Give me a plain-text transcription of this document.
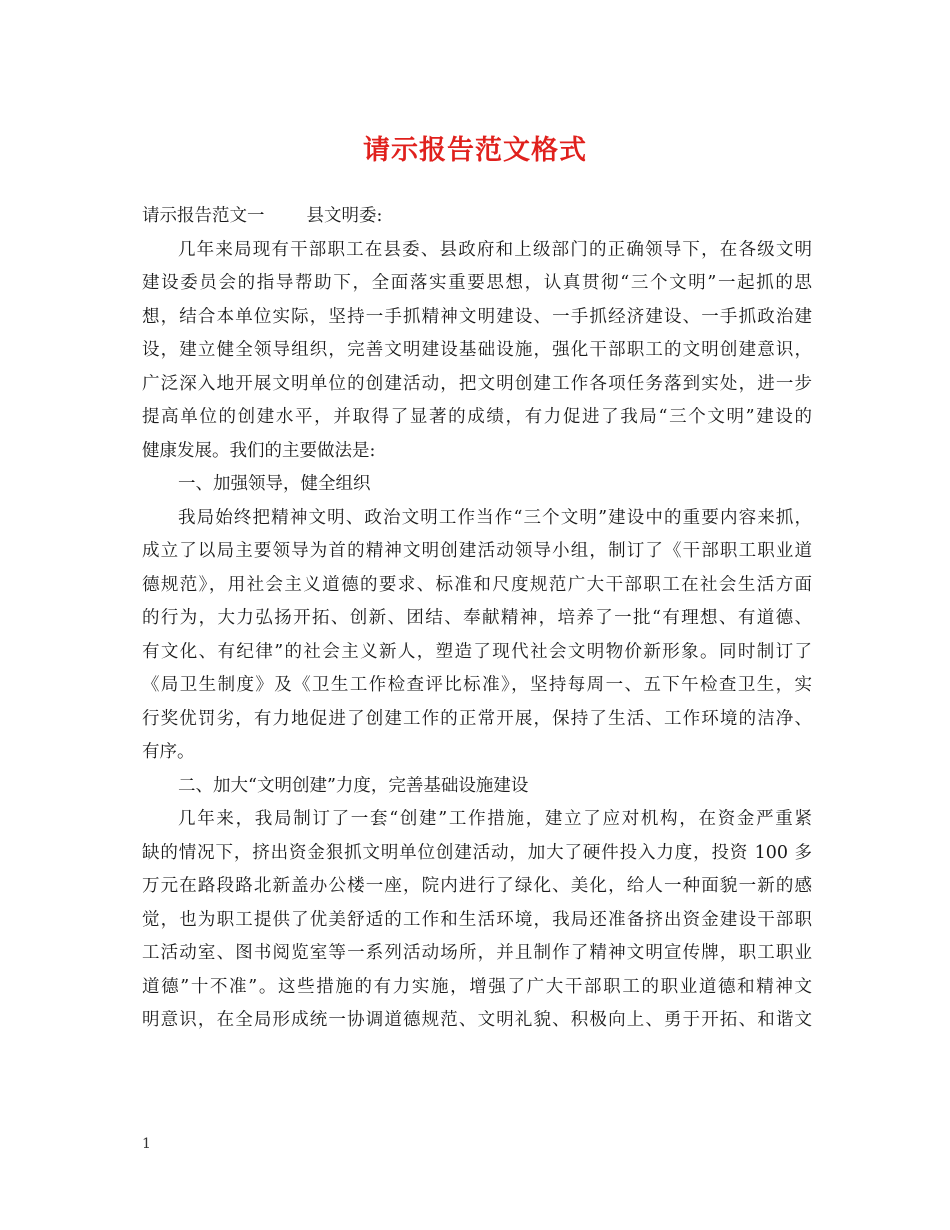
请示报告范文格式
请示报告范文一 县文明委:
几年来局现有干部职工在县委、县政府和上级部门的正确领导下，在各级文明
建设委员会的指导帮助下，全面落实重要思想，认真贯彻“三个文明”一起抓的思
想，结合本单位实际，坚持一手抓精神文明建设、一手抓经济建设、一手抓政治建
设，建立健全领导组织，完善文明建设基础设施，强化干部职工的文明创建意识，
广泛深入地开展文明单位的创建活动，把文明创建工作各项任务落到实处，进一步
提高单位的创建水平，并取得了显著的成绩，有力促进了我局“三个文明”建设的
健康发展。我们的主要做法是:
一、加强领导，健全组织
我局始终把精神文明、政治文明工作当作“三个文明”建设中的重要内容来抓，
成立了以局主要领导为首的精神文明创建活动领导小组，制订了《干部职工职业道
德规范》，用社会主义道德的要求、标准和尺度规范广大干部职工在社会生活方面
的行为，大力弘扬开拓、创新、团结、奉献精神，培养了一批“有理想、有道德、
有文化、有纪律”的社会主义新人，塑造了现代社会文明物价新形象。同时制订了
《局卫生制度》及《卫生工作检查评比标准》，坚持每周一、五下午检查卫生，实
行奖优罚劣，有力地促进了创建工作的正常开展，保持了生活、工作环境的洁净、
有序。
二、加大“文明创建”力度，完善基础设施建设
几年来，我局制订了一套“创建”工作措施，建立了应对机构，在资金严重紧
缺的情况下，挤出资金狠抓文明单位创建活动，加大了硬件投入力度，投资 100 多
万元在路段路北新盖办公楼一座，院内进行了绿化、美化，给人一种面貌一新的感
觉，也为职工提供了优美舒适的工作和生活环境，我局还准备挤出资金建设干部职
工活动室、图书阅览室等一系列活动场所，并且制作了精神文明宣传牌，职工职业
道德”十不准”。这些措施的有力实施，增强了广大干部职工的职业道德和精神文
明意识，在全局形成统一协调道德规范、文明礼貌、积极向上、勇于开拓、和谐文
1
